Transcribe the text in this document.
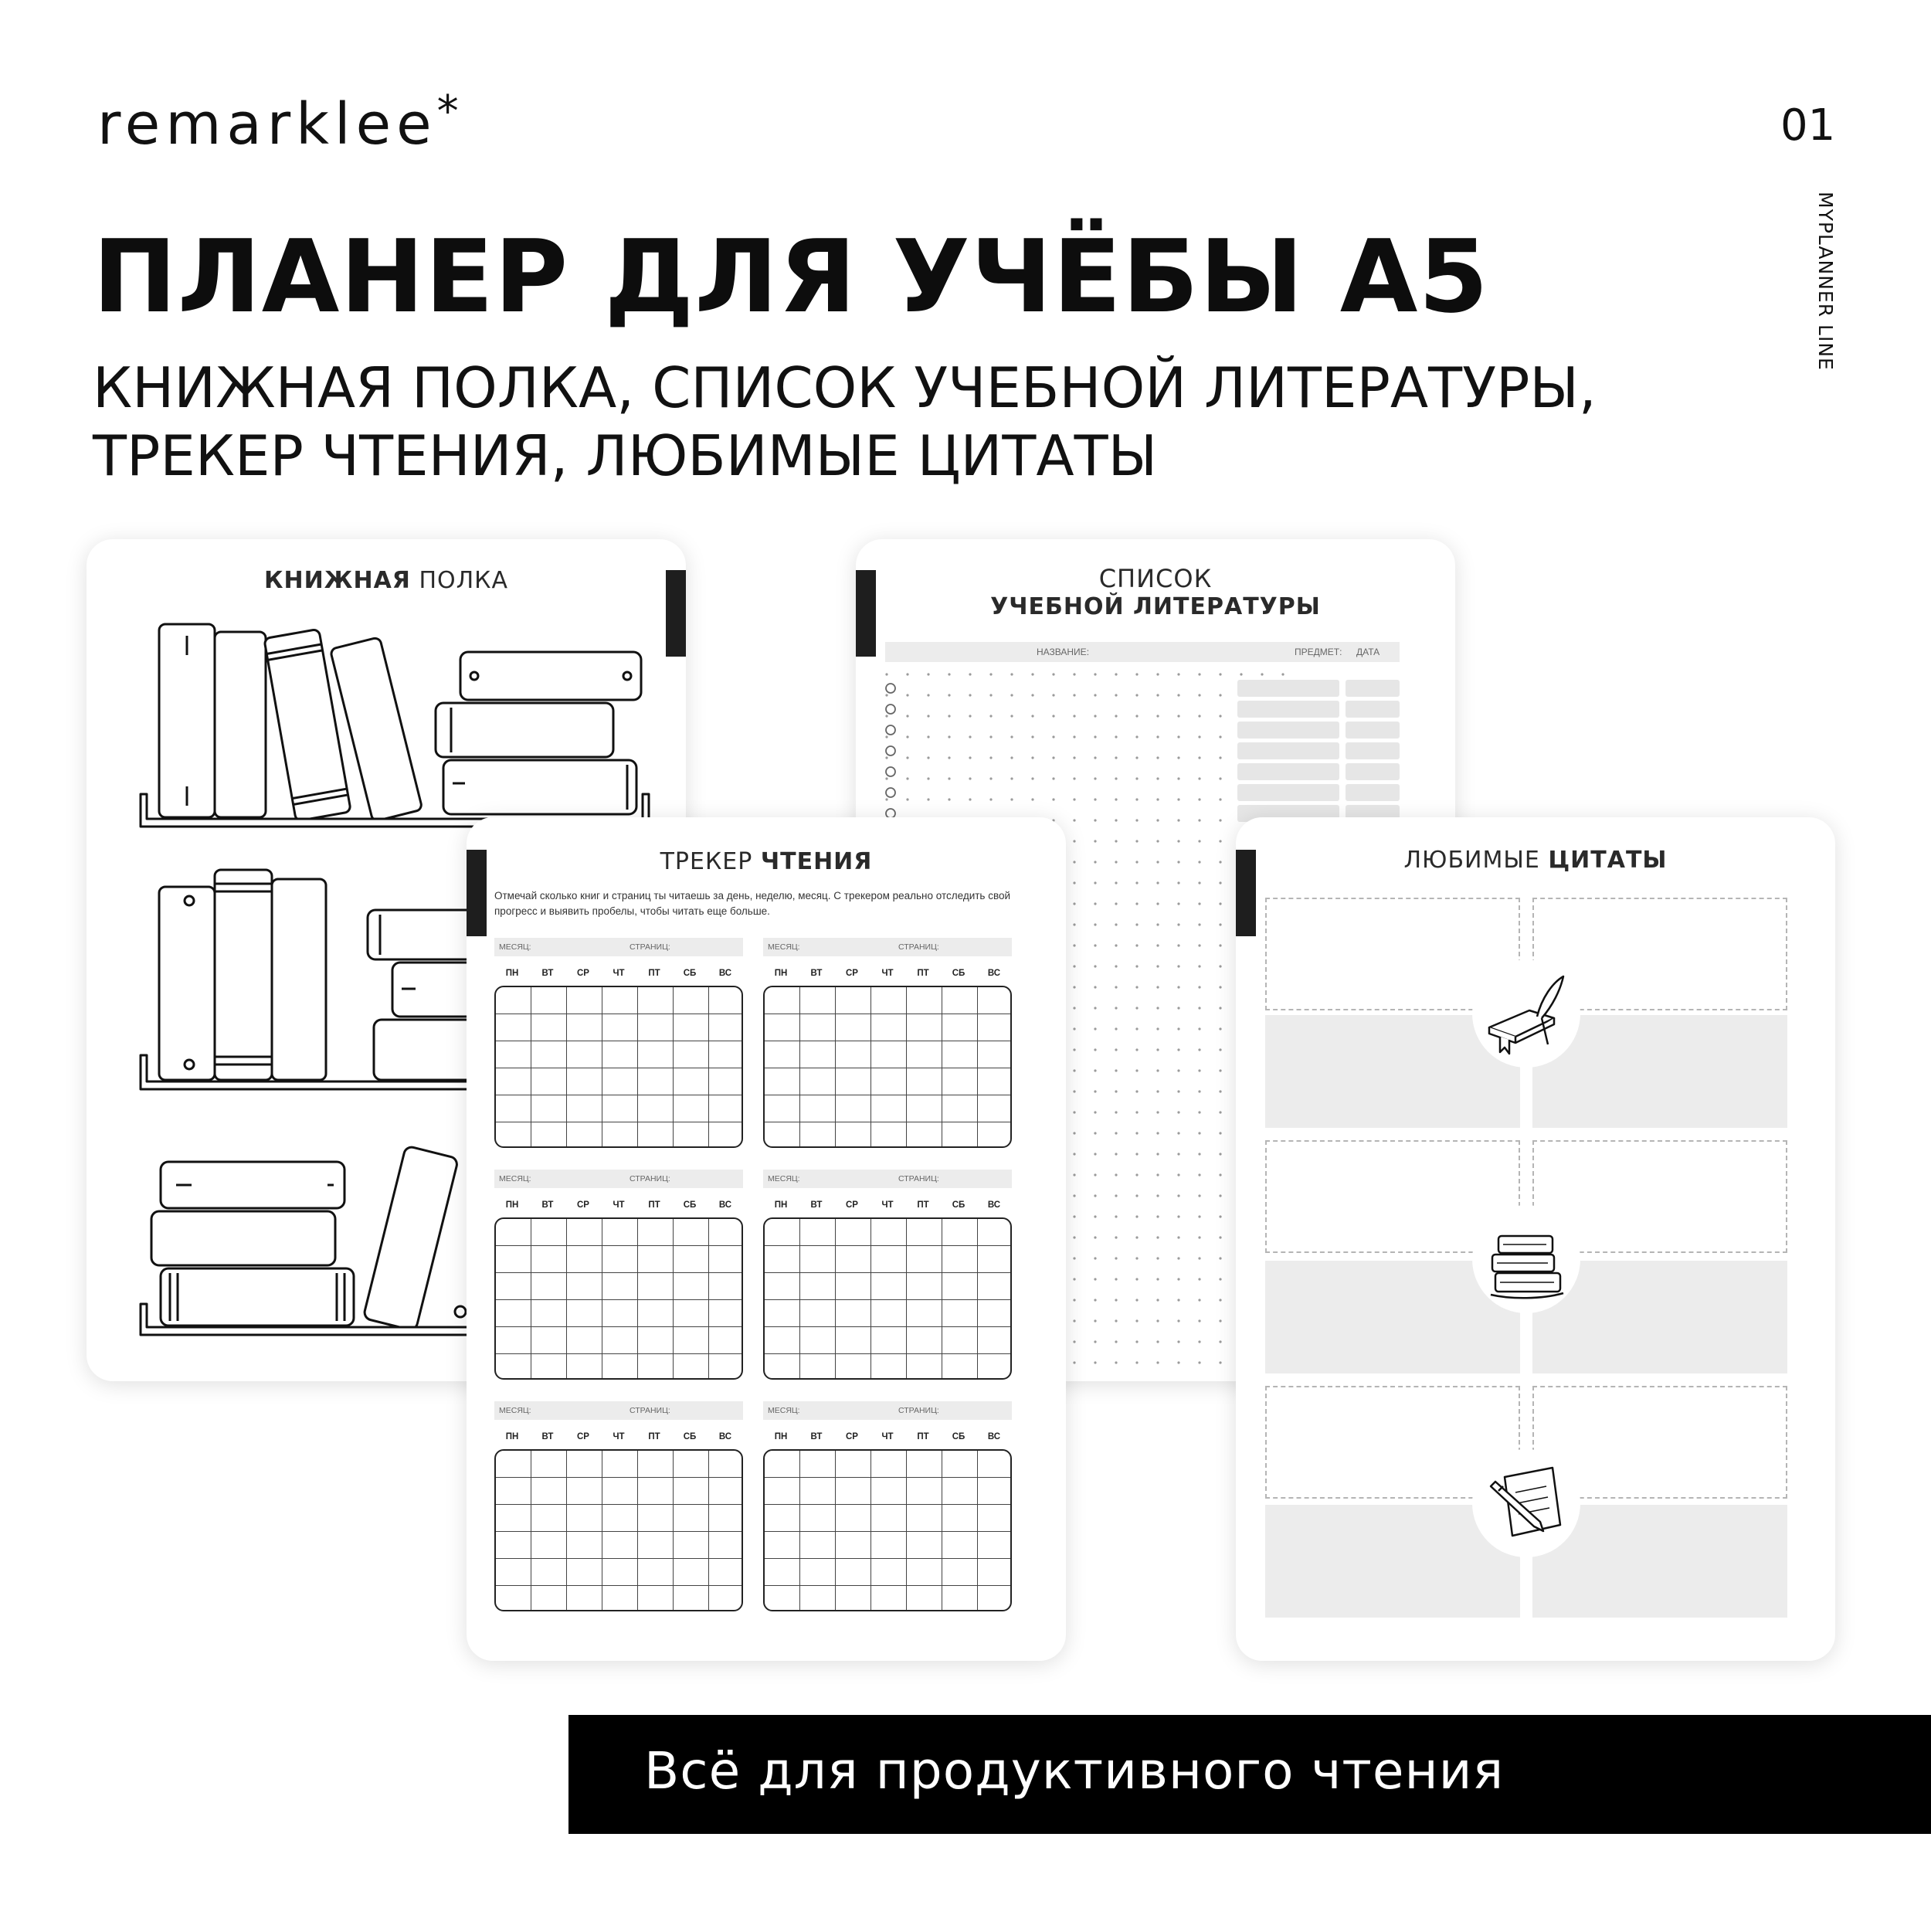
remarklee*	01
MYPLANNER LINE
ПЛАНЕР ДЛЯ УЧЁБЫ А5
КНИЖНАЯ ПОЛКА, СПИСОК УЧЕБНОЙ ЛИТЕРАТУРЫ,
ТРЕКЕР ЧТЕНИЯ, ЛЮБИМЫЕ ЦИТАТЫ
КНИЖНАЯ ПОЛКА	СПИСОК
УЧЕБНОЙ ЛИТЕРАТУРЫ
НАЗВАНИЕ:	ПРЕДМЕТ: ДАТА
ТРЕКЕР ЧТЕНИЯ
Отмечай сколько книг и страниц ты читаешь за день, неделю, месяц. С трекером реально отследить свой прогресс и выявить пробелы, чтобы читать еще больше.
МЕСЯЦ:	СТРАНИЦ:
ПН	ВТ	СР	ЧТ	ПТ	СБ	ВС
МЕСЯЦ:	СТРАНИЦ:
ПН	ВТ	СР	ЧТ	ПТ	СБ	ВС
МЕСЯЦ:	СТРАНИЦ:
ПН	ВТ	СР	ЧТ	ПТ	СБ	ВС
МЕСЯЦ:	СТРАНИЦ:
ПН	ВТ	СР	ЧТ	ПТ	СБ	ВС
МЕСЯЦ:	СТРАНИЦ:
ПН	ВТ	СР	ЧТ	ПТ	СБ	ВС
МЕСЯЦ:	СТРАНИЦ:
ПН	ВТ	СР	ЧТ	ПТ	СБ	ВС
ЛЮБИМЫЕ ЦИТАТЫ
Всё для продуктивного чтения
